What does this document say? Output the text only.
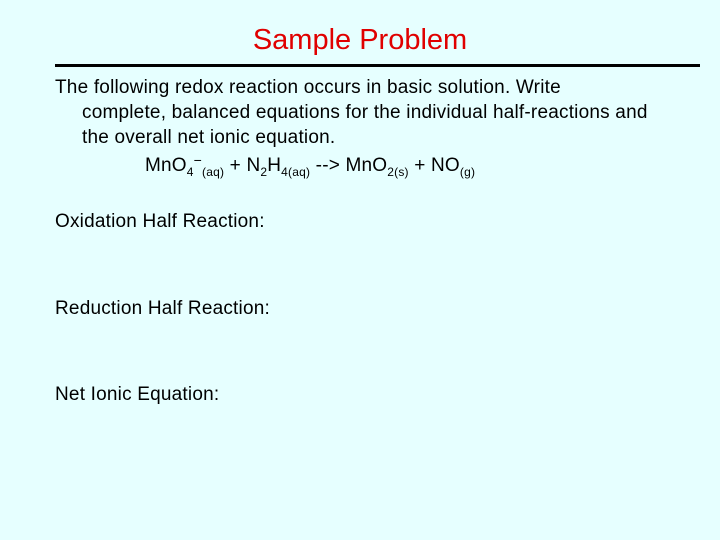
Sample Problem
The following redox reaction occurs in basic solution. Write
complete, balanced equations for the individual half-reactions and
the overall net ionic equation.
$MnO_4^-_{(aq)} + N_2H_{4(aq)}$ --> $MnO_{2(s)} + NO_{(g)}$
Oxidation Half Reaction:
Reduction Half Reaction:
Net Ionic Equation:
